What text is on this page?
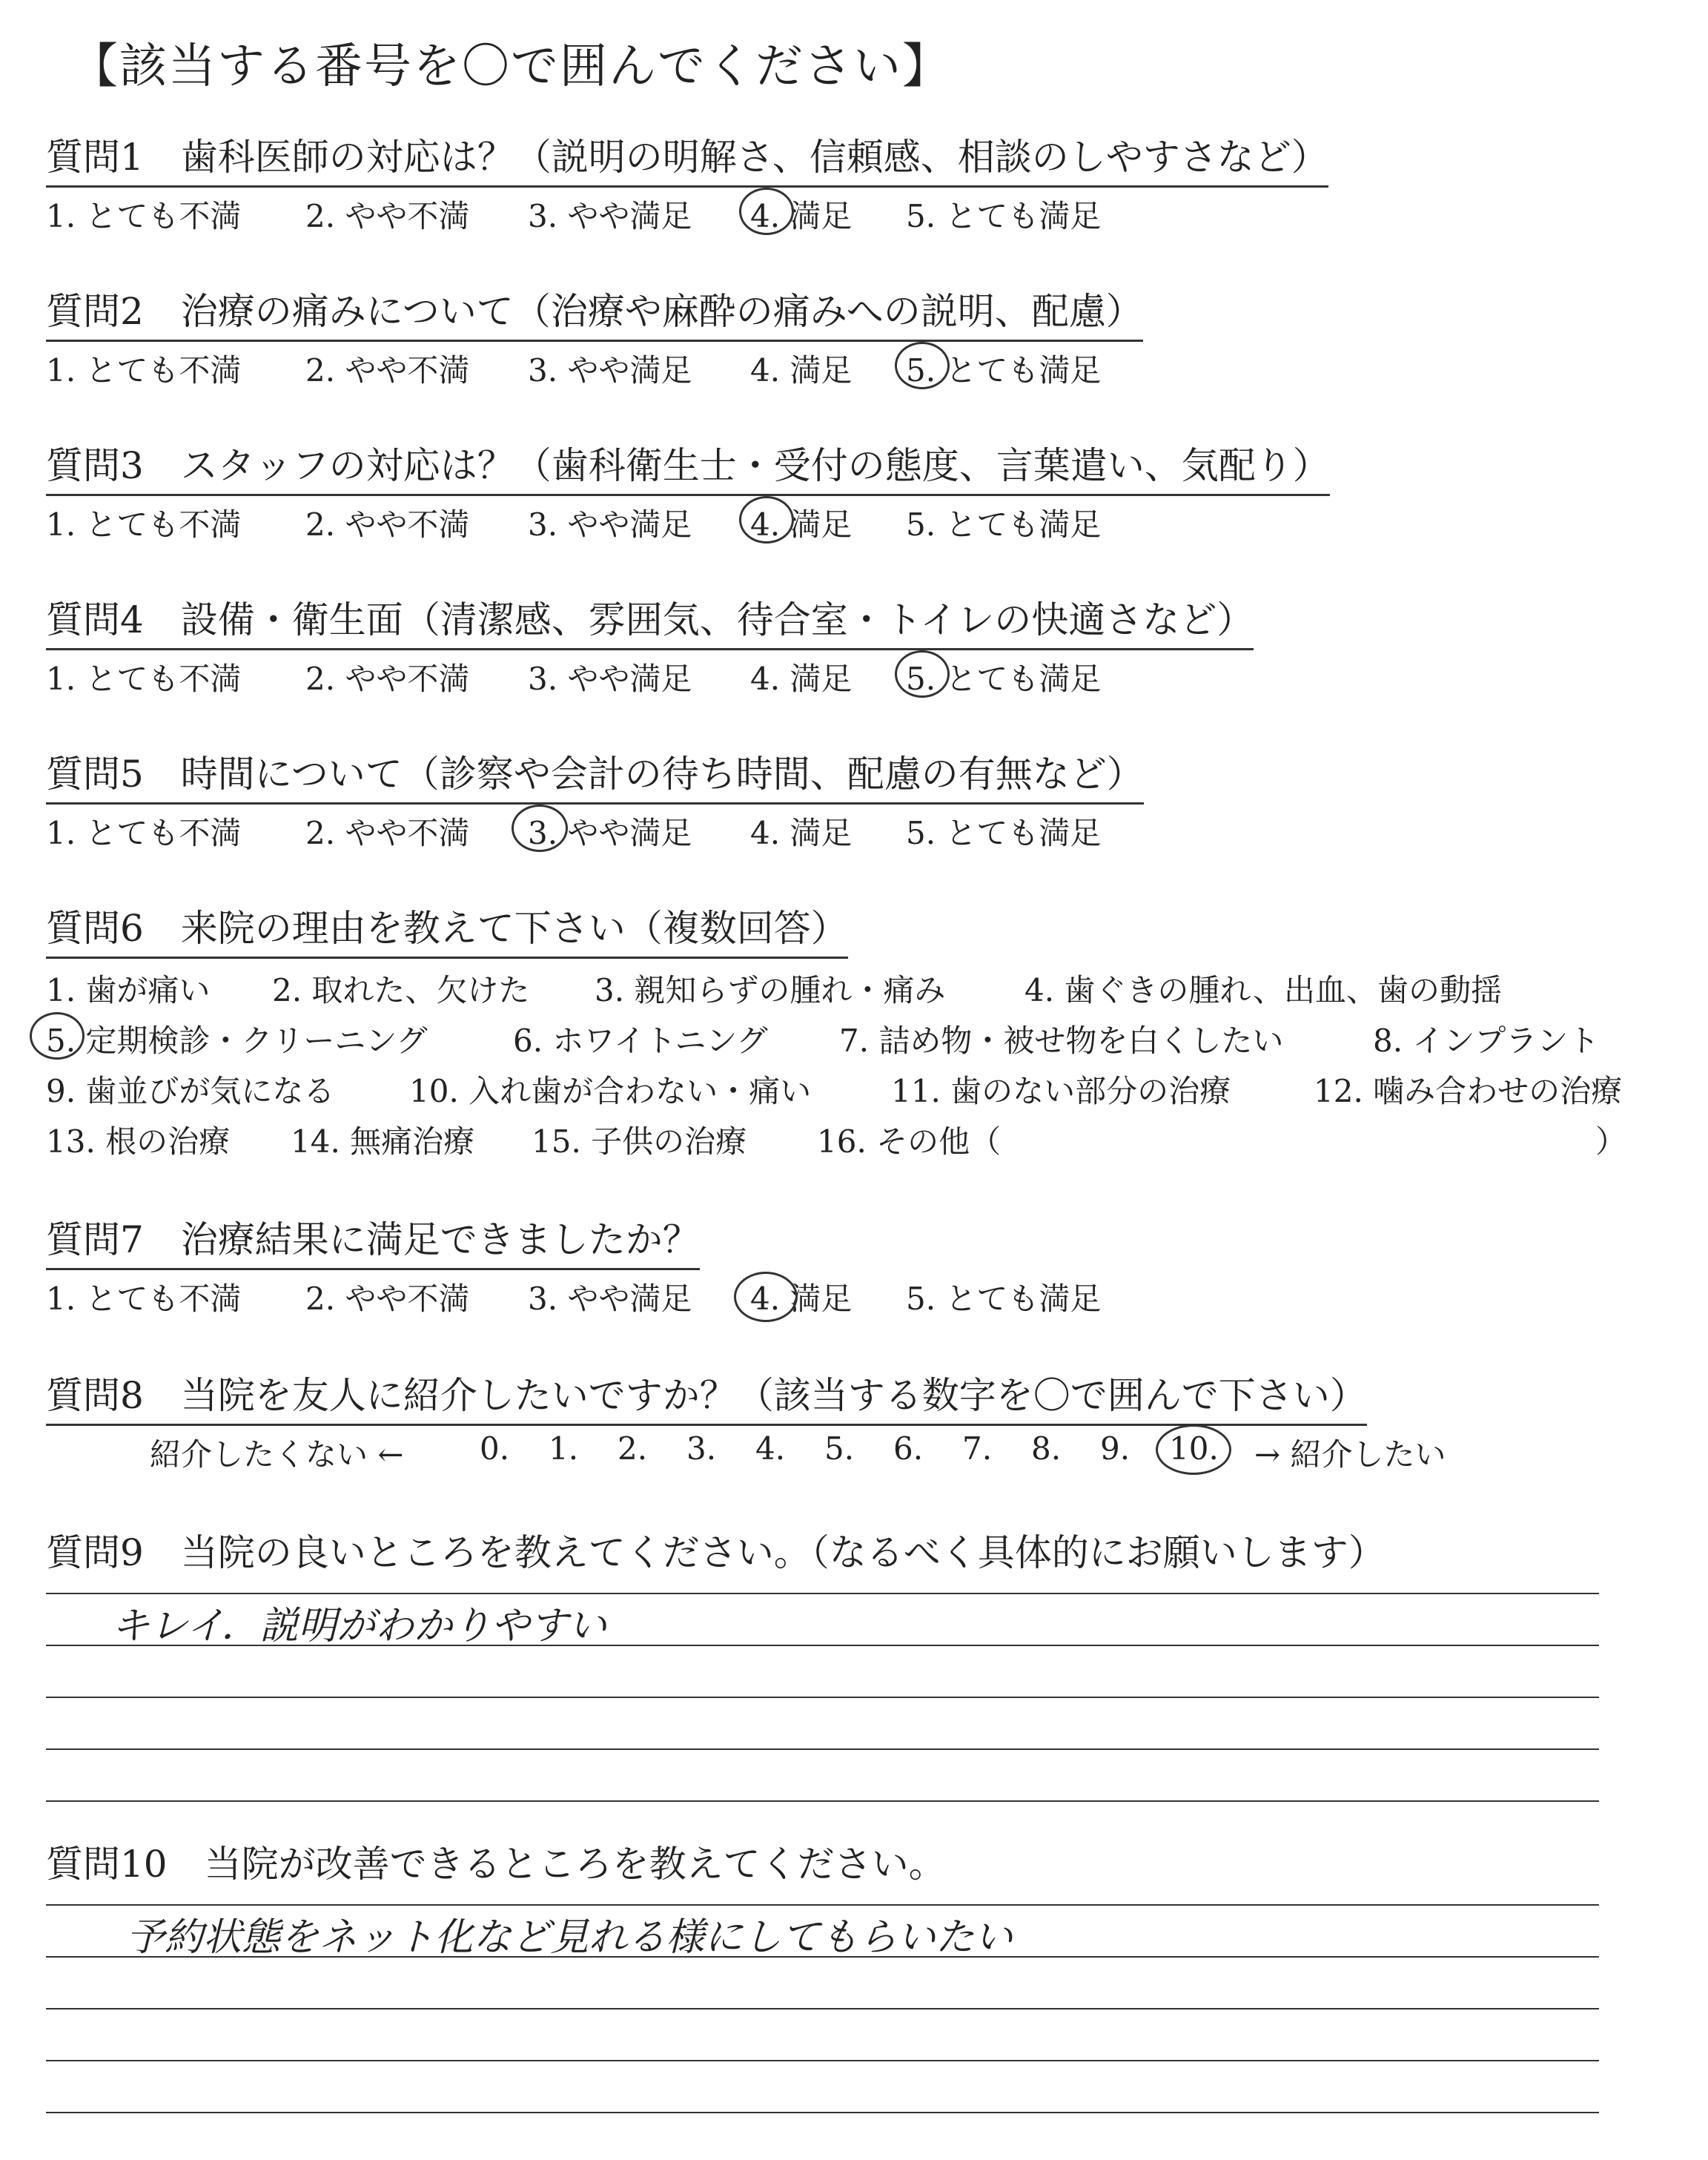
【該当する番号を〇で囲んでください】
質問1　歯科医師の対応は？（説明の明解さ、信頼感、相談のしやすさなど）
1. とても不満 2. やや不満 3. やや満足 4. 満足 5. とても満足
質問2　治療の痛みについて（治療や麻酔の痛みへの説明、配慮）
1. とても不満 2. やや不満 3. やや満足 4. 満足 5. とても満足
質問3　スタッフの対応は？（歯科衛生士・受付の態度、言葉遣い、気配り）
1. とても不満 2. やや不満 3. やや満足 4. 満足 5. とても満足
質問4　設備・衛生面（清潔感、雰囲気、待合室・トイレの快適さなど）
1. とても不満 2. やや不満 3. やや満足 4. 満足 5. とても満足
質問5　時間について（診察や会計の待ち時間、配慮の有無など）
1. とても不満 2. やや不満 3. やや満足 4. 満足 5. とても満足
質問6　来院の理由を教えて下さい（複数回答）
1. 歯が痛い 2. 取れた、欠けた 3. 親知らずの腫れ・痛み	4. 歯ぐきの腫れ、出血、歯の動揺
5. 定期検診・クリーニング	6. ホワイトニング 7. 詰め物・被せ物を白くしたい	8. インプラント
9. 歯並びが気になる 10. 入れ歯が合わない・痛い	11. 歯のない部分の治療	12. 噛み合わせの治療
13. 根の治療 14. 無痛治療 15. 子供の治療 16. その他（	）
質問7　治療結果に満足できましたか？
1. とても不満 2. やや不満 3. やや満足 4. 満足 5. とても満足
質問8　当院を友人に紹介したいですか？（該当する数字を〇で囲んで下さい）
紹介したくない ← 0. 1. 2. 3. 4. 5. 6. 7. 8. 9. 10. → 紹介したい
質問9　当院の良いところを教えてください。（なるべく具体的にお願いします）
キレイ．説明がわかりやすい
質問10　当院が改善できるところを教えてください。
予約状態をネット化など見れる様にしてもらいたい
